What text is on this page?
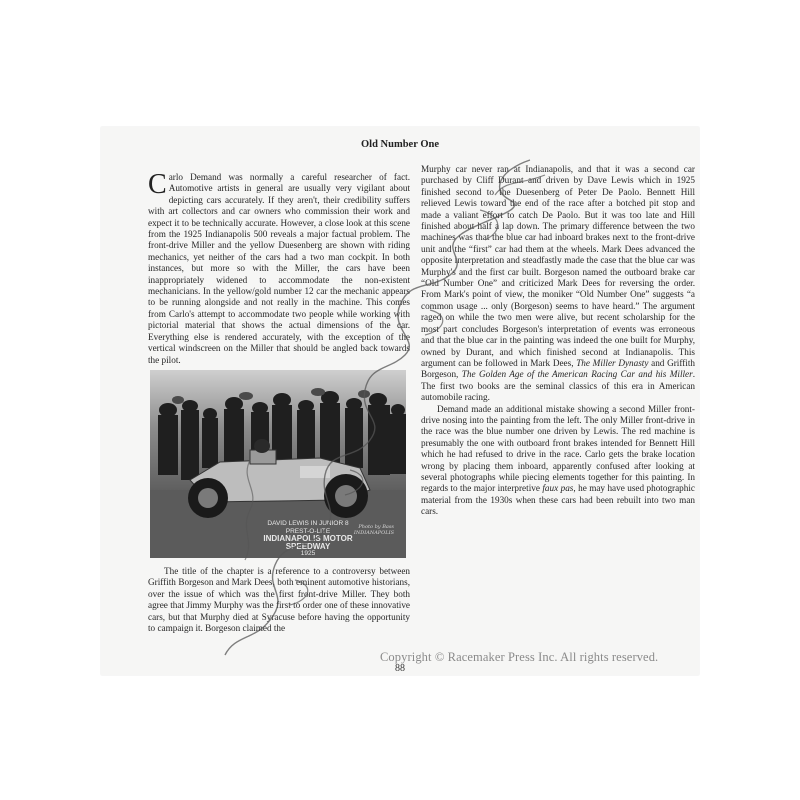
Old Number One

Carlo Demand was normally a careful researcher of fact. Automotive artists in general are usually very vigilant about depicting cars accurately. If they aren't, their credibility suffers with art collectors and car owners who commission their work and expect it to be technically accurate. However, a close look at this scene from the 1925 Indianapolis 500 reveals a major factual problem. The front-drive Miller and the yellow Duesenberg are shown with riding mechanics, yet neither of the cars had a two man cockpit. In both instances, but more so with the Miller, the cars have been inappropriately widened to accommodate the non-existent mechanicians. In the yellow/gold number 12 car the mechanic appears to be running alongside and not really in the machine. This comes from Carlo's attempt to accommodate two people while working with pictorial material that shows the actual dimensions of the car. Everything else is rendered accurately, with the exception of the vertical windscreen on the Miller that should be angled back towards the pilot.

DAVID LEWIS IN JUNIOR 8
PREST-O-LITE
INDIANAPOLIS MOTOR SPEEDWAY
1925
Photo by Bass
INDIANAPOLIS

The title of the chapter is a reference to a controversy between Griffith Borgeson and Mark Dees, both eminent automotive historians, over the issue of which was the first front-drive Miller. They both agree that Jimmy Murphy was the first to order one of these innovative cars, but that Murphy died at Syracuse before having the opportunity to campaign it. Borgeson claimed the

Murphy car never ran at Indianapolis, and that it was a second car purchased by Cliff Durant and driven by Dave Lewis which in 1925 finished second to the Duesenberg of Peter De Paolo. Bennett Hill relieved Lewis toward the end of the race after a botched pit stop and made a valiant effort to catch De Paolo. But it was too late and Hill finished about half a lap down. The primary difference between the two machines was that the blue car had inboard brakes next to the front-drive unit and the “first” car had them at the wheels. Mark Dees advanced the opposite interpretation and steadfastly made the case that the blue car was Murphy's and the first car built. Borgeson named the outboard brake car “Old Number One” and criticized Mark Dees for reversing the order. From Mark's point of view, the moniker “Old Number One” suggests “a common usage ... only (Borgeson) seems to have heard.” The argument raged on while the two men were alive, but recent scholarship for the most part concludes Borgeson's interpretation of events was erroneous and that the blue car in the painting was indeed the one built for Murphy, owned by Durant, and which finished second at Indianapolis. This argument can be followed in Mark Dees, The Miller Dynasty and Griffith Borgeson, The Golden Age of the American Racing Car and his Miller. The first two books are the seminal classics of this era in American automobile racing.

Demand made an additional mistake showing a second Miller front-drive nosing into the painting from the left. The only Miller front-drive in the race was the blue number one driven by Lewis. The red machine is presumably the one with outboard front brakes intended for Bennett Hill which he had refused to drive in the race. Carlo gets the brake location wrong by placing them inboard, apparently confused after looking at several photographs while piecing elements together for this painting. In regards to the major interpretive faux pas, he may have used photographic material from the 1930s when these cars had been rebuilt into two man cars.

88
Copyright © Racemaker Press Inc. All rights reserved.
